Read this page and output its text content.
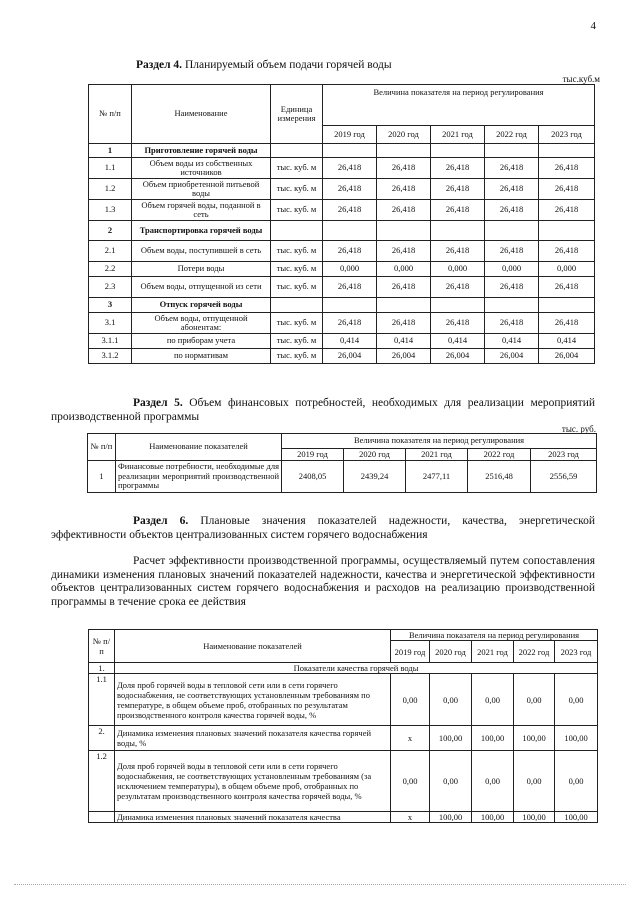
4
Раздел 4. Планируемый объем подачи горячей воды
тыс.куб.м
№ п/п	Наименование	Единица измерения	Величина показателя на период регулирования				
			2019 год	2020 год	2021 год	2022 год	2023 год
1	Приготовление горячей воды						
1.1	Объем воды из собственных источников	тыс. куб. м	26,418	26,418	26,418	26,418	26,418
1.2	Объем приобретенной питьевой воды	тыс. куб. м	26,418	26,418	26,418	26,418	26,418
1.3	Объем горячей воды, поданной в сеть	тыс. куб. м	26,418	26,418	26,418	26,418	26,418
2	Транспортировка горячей воды						
2.1	Объем воды, поступившей в сеть	тыс. куб. м	26,418	26,418	26,418	26,418	26,418
2.2	Потери воды	тыс. куб. м	0,000	0,000	0,000	0,000	0,000
2.3	Объем воды, отпущенной из сети	тыс. куб. м	26,418	26,418	26,418	26,418	26,418
3	Отпуск горячей воды						
3.1	Объем воды, отпущенной абонентам:	тыс. куб. м	26,418	26,418	26,418	26,418	26,418
3.1.1	по приборам учета	тыс. куб. м	0,414	0,414	0,414	0,414	0,414
3.1.2	по нормативам	тыс. куб. м	26,004	26,004	26,004	26,004	26,004
Раздел 5. Объем финансовых потребностей, необходимых для реализации мероприятий производственной программы
тыс. руб.
№ п/п	Наименование показателей	Величина показателя на период регулирования				
		2019 год	2020 год	2021 год	2022 год	2023 год
1	Финансовые потребности, необходимые для реализации мероприятий производственной программы	2408,05	2439,24	2477,11	2516,48	2556,59
Раздел 6. Плановые значения показателей надежности, качества, энергетической эффективности объектов централизованных систем горячего водоснабжения
Расчет эффективности производственной программы, осуществляемый путем сопоставления динамики изменения плановых значений показателей надежности, качества и энергетической эффективности объектов централизованных систем горячего водоснабжения и расходов на реализацию производственной программы в течение срока ее действия
№ п/п	Наименование показателей	Величина показателя на период регулирования				
		2019 год	2020 год	2021 год	2022 год	2023 год
1.	Показатели качества горячей воды					
1.1	Доля проб горячей воды в тепловой сети или в сети горячего водоснабжения, не соответствующих установленным требованиям по температуре, в общем объеме проб, отобранных по результатам производственного контроля качества горячей воды, %	0,00	0,00	0,00	0,00	0,00
2.	Динамика изменения плановых значений показателя качества горячей воды, %	x	100,00	100,00	100,00	100,00
1.2	Доля проб горячей воды в тепловой сети или в сети горячего водоснабжения, не соответствующих установленным требованиям (за исключением температуры), в общем объеме проб, отобранных по результатам производственного контроля качества горячей воды, %	0,00	0,00	0,00	0,00	0,00
	Динамика изменения плановых значений показателя качества	x	100,00	100,00	100,00	100,00
